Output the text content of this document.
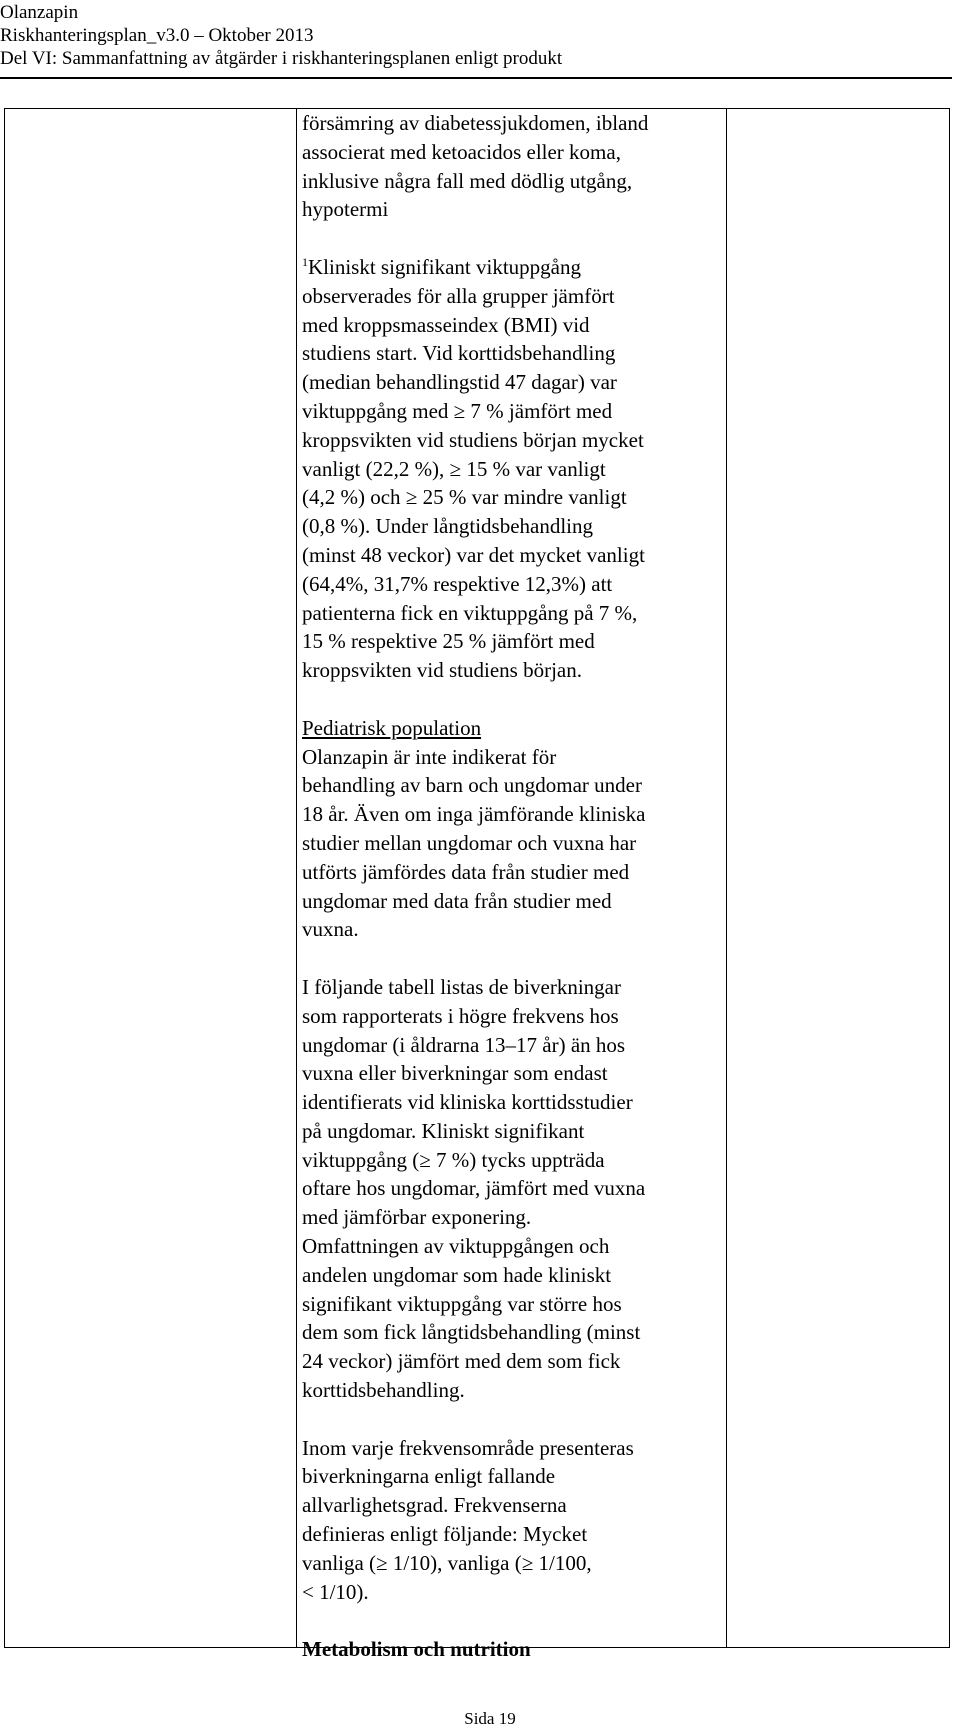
Olanzapin
Riskhanteringsplan_v3.0 – Oktober 2013
Del VI: Sammanfattning av åtgärder i riskhanteringsplanen enligt produkt

försämring av diabetessjukdomen, ibland
associerat med ketoacidos eller koma,
inklusive några fall med dödlig utgång,
hypotermi

$^1$Kliniskt signifikant viktuppgång
observerades för alla grupper jämfört
med kroppsmasseindex (BMI) vid
studiens start. Vid korttidsbehandling
(median behandlingstid 47 dagar) var
viktuppgång med ≥ 7 % jämfört med
kroppsvikten vid studiens början mycket
vanligt (22,2 %), ≥ 15 % var vanligt
(4,2 %) och ≥ 25 % var mindre vanligt
(0,8 %). Under långtidsbehandling
(minst 48 veckor) var det mycket vanligt
(64,4%, 31,7% respektive 12,3%) att
patienterna fick en viktuppgång på 7 %,
15 % respektive 25 % jämfört med
kroppsvikten vid studiens början.

Pediatrisk population
Olanzapin är inte indikerat för
behandling av barn och ungdomar under
18 år. Även om inga jämförande kliniska
studier mellan ungdomar och vuxna har
utförts jämfördes data från studier med
ungdomar med data från studier med
vuxna.

I följande tabell listas de biverkningar
som rapporterats i högre frekvens hos
ungdomar (i åldrarna 13–17 år) än hos
vuxna eller biverkningar som endast
identifierats vid kliniska korttidsstudier
på ungdomar. Kliniskt signifikant
viktuppgång (≥ 7 %) tycks uppträda
oftare hos ungdomar, jämfört med vuxna
med jämförbar exponering.
Omfattningen av viktuppgången och
andelen ungdomar som hade kliniskt
signifikant viktuppgång var större hos
dem som fick långtidsbehandling (minst
24 veckor) jämfört med dem som fick
korttidsbehandling.

Inom varje frekvensområde presenteras
biverkningarna enligt fallande
allvarlighetsgrad. Frekvenserna
definieras enligt följande: Mycket
vanliga (≥ 1/10), vanliga (≥ 1/100,
< 1/10).

Metabolism och nutrition

Sida 19
